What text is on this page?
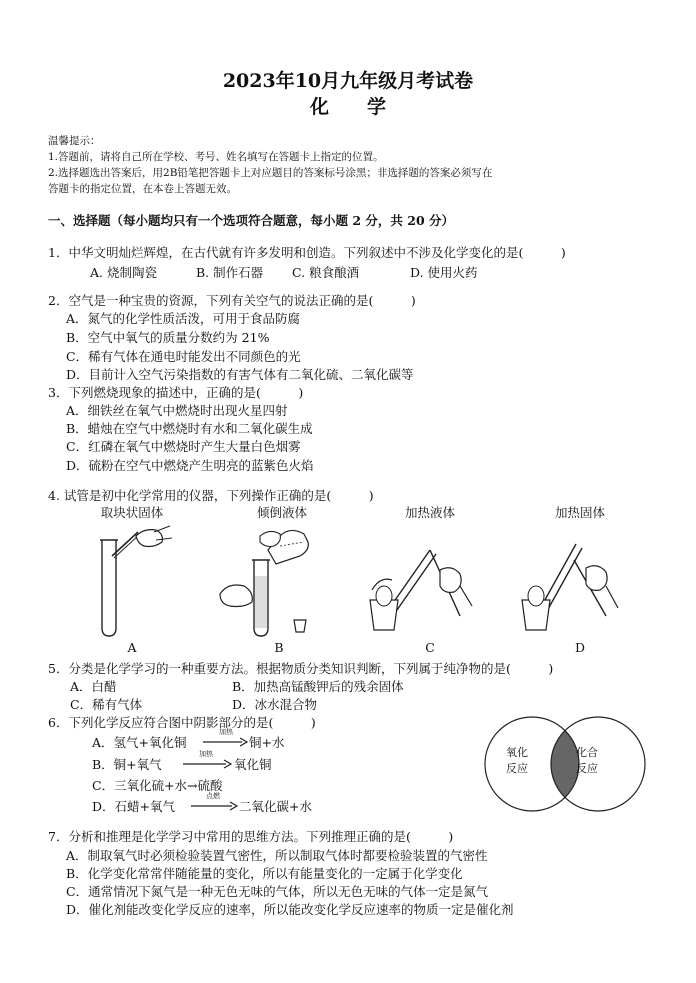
2023年10月九年级月考试卷
化　　学
温馨提示：
1.答题前，请将自己所在学校、考号、姓名填写在答题卡上指定的位置。
2.选择题选出答案后，用2B铅笔把答题卡上对应题目的答案标号涂黑；非选择题的答案必须写在
答题卡的指定位置，在本卷上答题无效。
一、选择题（每小题均只有一个选项符合题意，每小题 2 分，共 20 分）
1．中华文明灿烂辉煌，在古代就有许多发明和创造。下列叙述中不涉及化学变化的是(　　　)
A. 烧制陶瓷	B. 制作石器 C. 粮食酿酒	D. 使用火药
2．空气是一种宝贵的资源，下列有关空气的说法正确的是(　　　)
A．氮气的化学性质活泼，可用于食品防腐
B．空气中氧气的质量分数约为 21%
C．稀有气体在通电时能发出不同颜色的光
D．目前计入空气污染指数的有害气体有二氧化硫、二氧化碳等
3．下列燃烧现象的描述中，正确的是(　　　)
A．细铁丝在氧气中燃烧时出现火星四射
B．蜡烛在空气中燃烧时有水和二氧化碳生成
C．红磷在氧气中燃烧时产生大量白色烟雾
D．硫粉在空气中燃烧产生明亮的蓝紫色火焰
4. 试管是初中化学常用的仪器，下列操作正确的是(　　　)
取块状固体	倾倒液体	加热液体	加热固体
A	B	C	D
5．分类是化学学习的一种重要方法。根据物质分类知识判断，下列属于纯净物的是(　　　)
A．白醋	B．加热高锰酸钾后的残余固体
C．稀有气体	D．冰水混合物
6．下列化学反应符合图中阴影部分的是(　　　)
A．氢气+氧化铜
加热
铜+水
B．铜+氧气
加热
氧化铜
C．三氧化硫+水→硫酸
D．石蜡+氧气
点燃
二氧化碳+水
氧化
反应
化合
反应
7．分析和推理是化学学习中常用的思维方法。下列推理正确的是(　　　)
A．制取氧气时必须检验装置气密性，所以制取气体时都要检验装置的气密性
B．化学变化常常伴随能量的变化，所以有能量变化的一定属于化学变化
C．通常情况下氮气是一种无色无味的气体，所以无色无味的气体一定是氮气
D．催化剂能改变化学反应的速率，所以能改变化学反应速率的物质一定是催化剂
